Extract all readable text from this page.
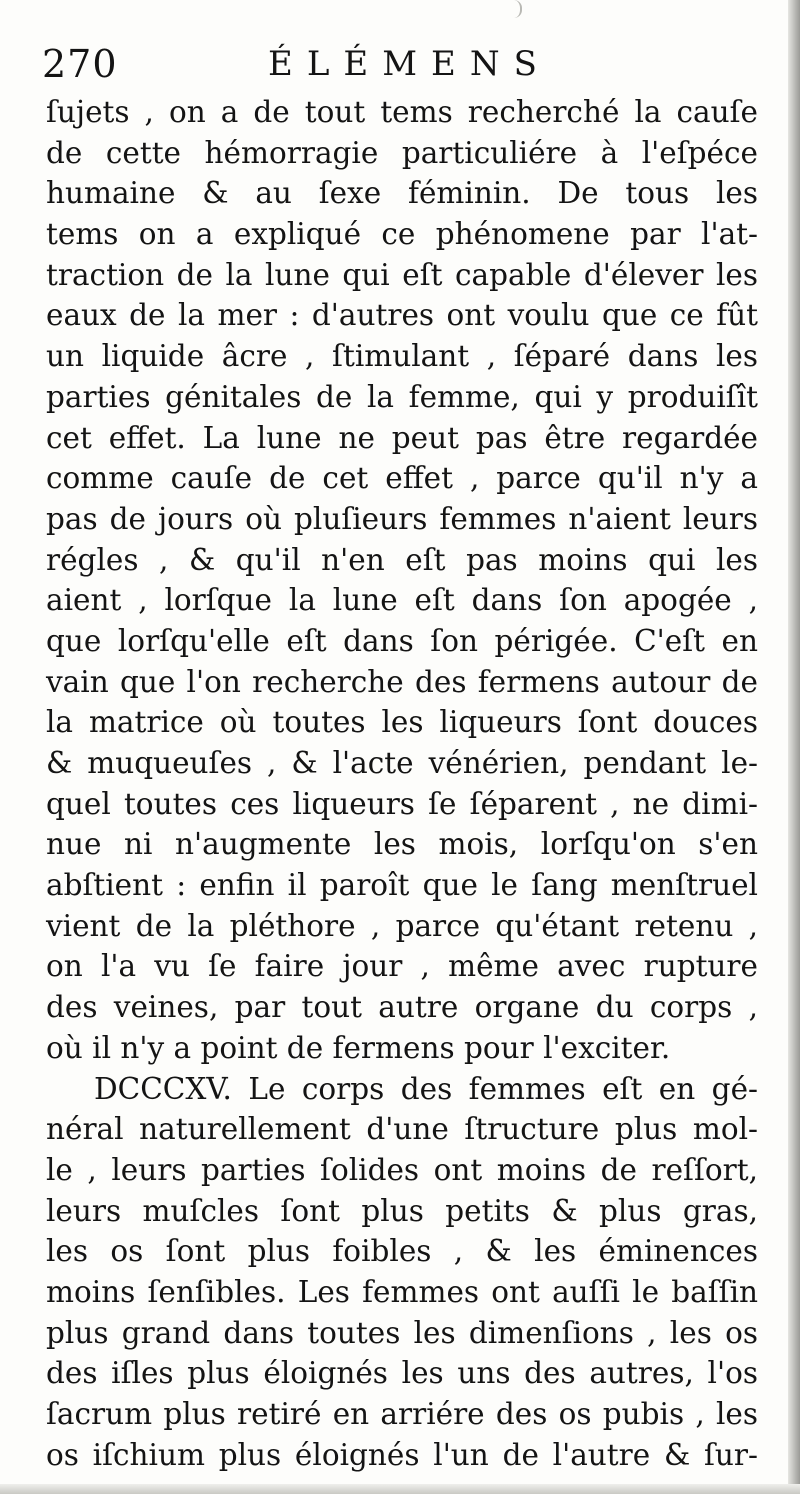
270	ÉLÉMENS
ſujets , on a de tout tems recherché la cauſe
de cette hémorragie particuliére à l'eſpéce
humaine & au ſexe féminin. De tous les
tems on a expliqué ce phénomene par l'at-
traction de la lune qui eſt capable d'élever les
eaux de la mer : d'autres ont voulu que ce fût
un liquide âcre , ſtimulant , ſéparé dans les
parties génitales de la femme, qui y produiſît
cet effet. La lune ne peut pas être regardée
comme cauſe de cet effet , parce qu'il n'y a
pas de jours où pluſieurs femmes n'aient leurs
régles , & qu'il n'en eſt pas moins qui les
aient , lorſque la lune eſt dans ſon apogée ,
que lorſqu'elle eſt dans ſon périgée. C'eſt en
vain que l'on recherche des fermens autour de
la matrice où toutes les liqueurs ſont douces
& muqueuſes , & l'acte vénérien, pendant le-
quel toutes ces liqueurs ſe ſéparent , ne dimi-
nue ni n'augmente les mois, lorſqu'on s'en
abſtient : enfin il paroît que le ſang menſtruel
vient de la pléthore , parce qu'étant retenu ,
on l'a vu ſe faire jour , même avec rupture
des veines, par tout autre organe du corps ,
où il n'y a point de fermens pour l'exciter.
DCCCXV. Le corps des femmes eſt en gé-
néral naturellement d'une ſtructure plus mol-
le , leurs parties ſolides ont moins de reſſort,
leurs muſcles ſont plus petits & plus gras,
les os ſont plus foibles , & les éminences
moins ſenſibles. Les femmes ont auſſi le baſſin
plus grand dans toutes les dimenſions , les os
des iſles plus éloignés les uns des autres, l'os
ſacrum plus retiré en arriére des os pubis , les
os iſchium plus éloignés l'un de l'autre & ſur-
